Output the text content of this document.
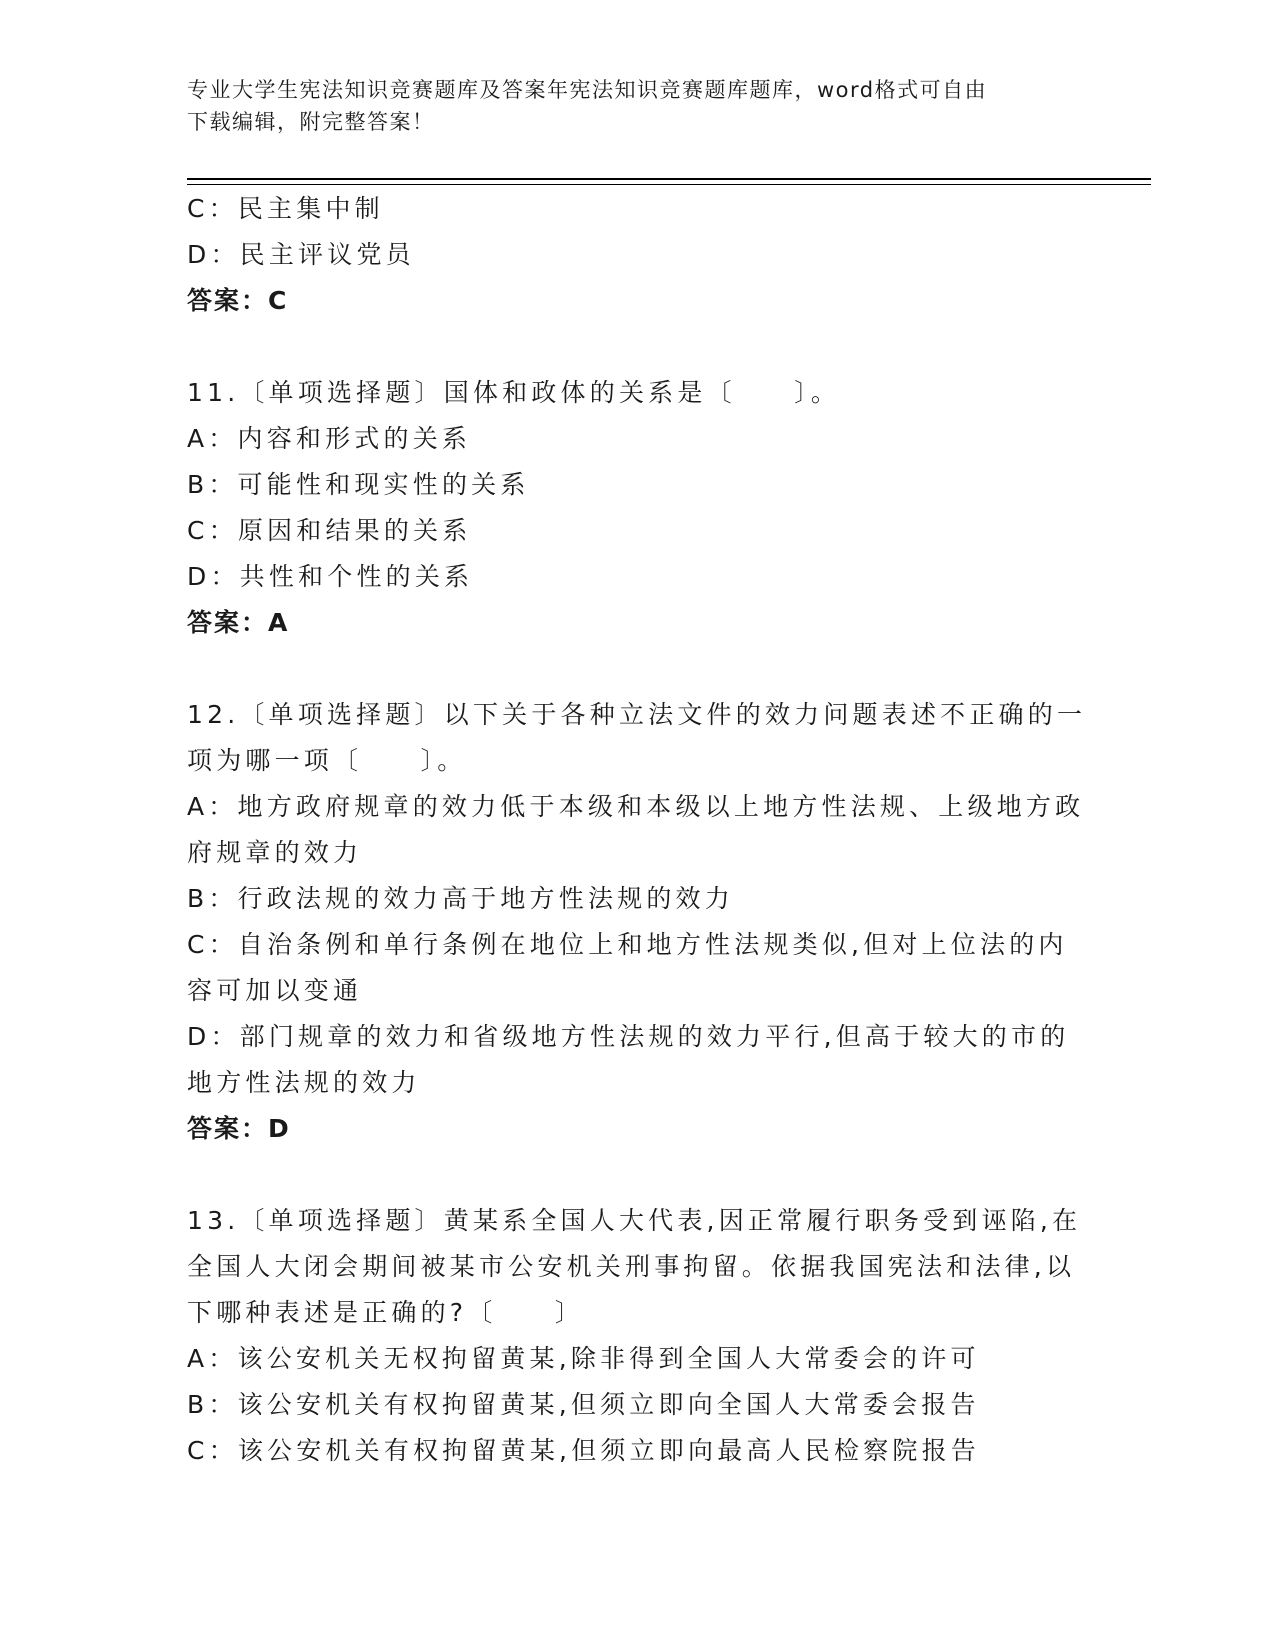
专业大学生宪法知识竞赛题库及答案年宪法知识竞赛题库题库，word格式可自由
下载编辑，附完整答案！
C：民主集中制
D：民主评议党员
答案：C
11.〔单项选择题〕国体和政体的关系是〔　　〕。
A：内容和形式的关系
B：可能性和现实性的关系
C：原因和结果的关系
D：共性和个性的关系
答案：A
12.〔单项选择题〕以下关于各种立法文件的效力问题表述不正确的一
项为哪一项〔　　〕。
A：地方政府规章的效力低于本级和本级以上地方性法规、上级地方政
府规章的效力
B：行政法规的效力高于地方性法规的效力
C：自治条例和单行条例在地位上和地方性法规类似,但对上位法的内
容可加以变通
D：部门规章的效力和省级地方性法规的效力平行,但高于较大的市的
地方性法规的效力
答案：D
13.〔单项选择题〕黄某系全国人大代表,因正常履行职务受到诬陷,在
全国人大闭会期间被某市公安机关刑事拘留。依据我国宪法和法律,以
下哪种表述是正确的?〔　　〕
A：该公安机关无权拘留黄某,除非得到全国人大常委会的许可
B：该公安机关有权拘留黄某,但须立即向全国人大常委会报告
C：该公安机关有权拘留黄某,但须立即向最高人民检察院报告
